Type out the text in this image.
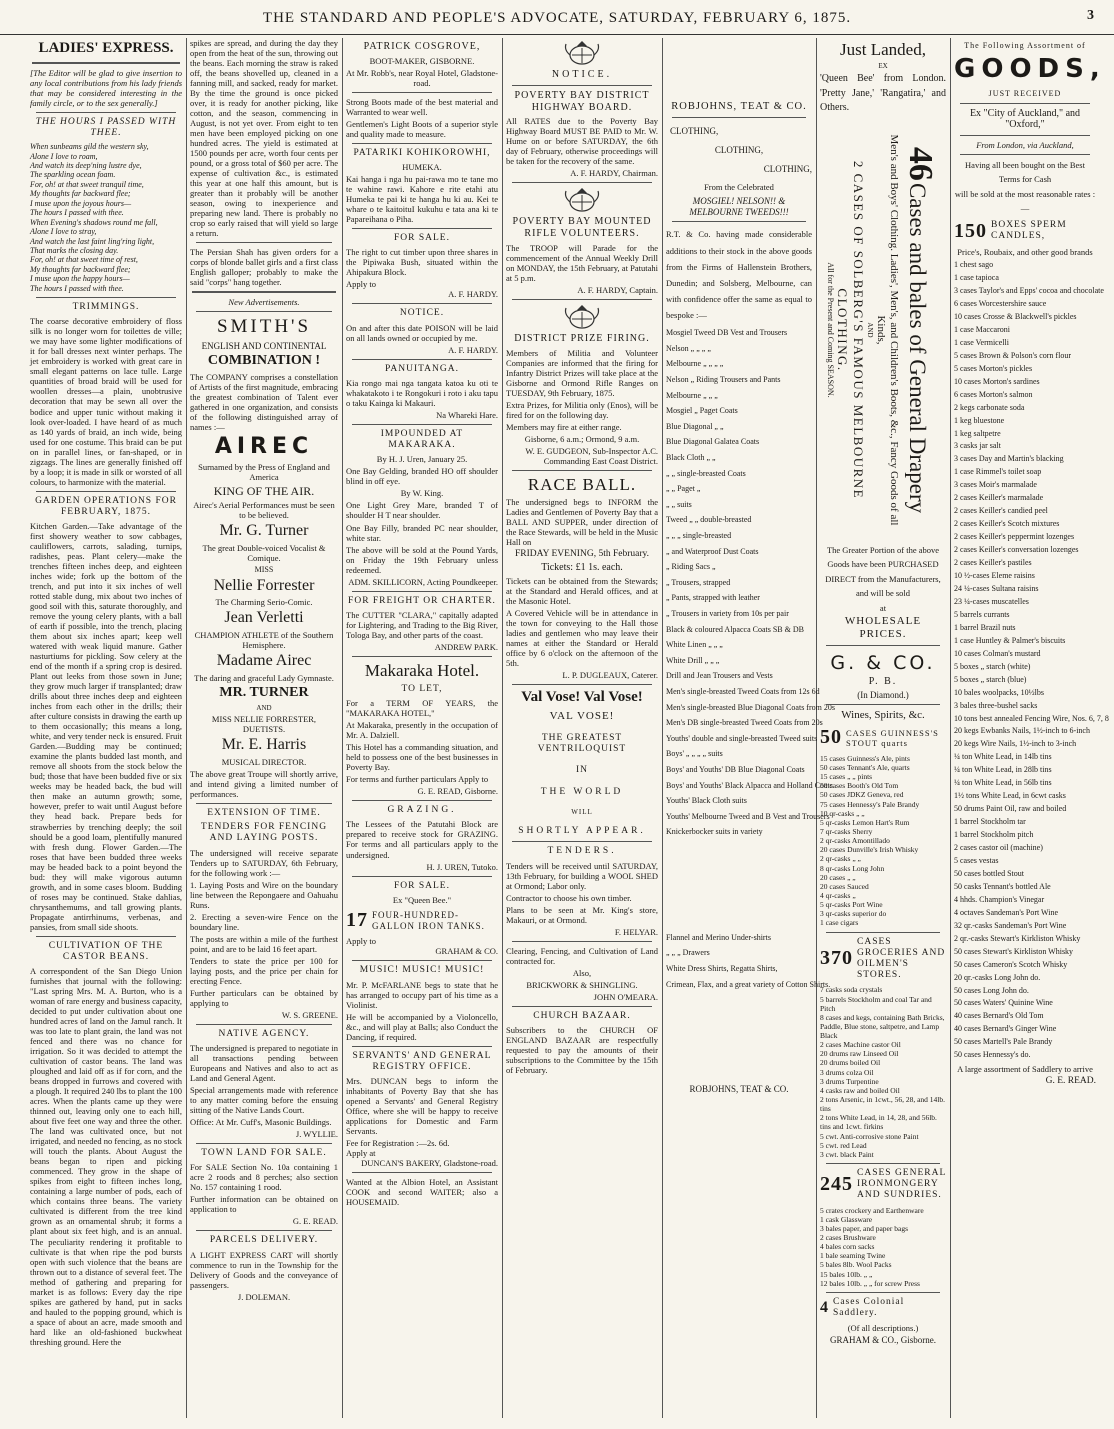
THE STANDARD AND PEOPLE'S ADVOCATE, SATURDAY, FEBRUARY 6, 1875.	3
LADIES' EXPRESS.

[The Editor will be glad to give insertion to any local contributions from his lady friends that may be considered interesting in the family circle, or to the sex generally.]

THE HOURS I PASSED WITH THEE.
When sunbeams gild the western sky,
Alone I love to roam,
And watch its deep'ning lustre dye,
The sparkling ocean foam.
For, oh! at that sweet tranquil time,
My thoughts far backward flee;
I muse upon the joyous hours—
The hours I passed with thee.
When Evening's shadows round me fall,
Alone I love to stray,
And watch the last faint ling'ring light,
That marks the closing day.
For, oh! at that sweet time of rest,
My thoughts far backward flee;
I muse upon the happy hours—
The hours I passed with thee.
TRIMMINGS.

The coarse decorative embroidery of floss silk is no longer worn for toilettes de ville; we may have some lighter modifications of it for ball dresses next winter perhaps. The jet embroidery is worked with great care in small elegant patterns on lace tulle. Large quantities of broad braid will be used for woollen dresses—a plain, unobtrusive decoration that may be sewn all over the bodice and upper tunic without making it look over-loaded. I have heard of as much as 140 yards of braid, an inch wide, being used for one costume. This braid can be put on in parallel lines, or fan-shaped, or in zigzags. The lines are generally finished off by a loop; it is made in silk or worsted of all colours, to harmonize with the material.

GARDEN OPERATIONS FOR FEBRUARY, 1875.

Kitchen Garden.—Take advantage of the first showery weather to sow cabbages, cauliflowers, carrots, salading, turnips, radishes, peas. Plant celery—make the trenches fifteen inches deep, and eighteen inches wide; fork up the bottom of the trench, and put into it six inches of well rotted stable dung, mix about two inches of good soil with this, saturate thoroughly, and remove the young celery plants, with a ball of earth if possible, into the trench, placing them about six inches apart; keep well watered with weak liquid manure. Gather nasturtiums for pickling. Sow celery at the end of the month if a spring crop is desired. Plant out leeks from those sown in June; they grow much larger if transplanted; draw drills about three inches deep and eighteen inches from each other in the drills; their after culture consists in drawing the earth up to them occasionally; this means a long, white, and very tender neck is ensured. Fruit Garden.—Budding may be continued; examine the plants budded last month, and remove all shoots from the stock below the bud; those that have been budded five or six weeks may be headed back, the bud will then make an autumn growth; some, however, prefer to wait until August before they head back. Prepare beds for strawberries by trenching deeply; the soil should be a good loam, plentifully manured with fresh dung. Flower Garden.—The roses that have been budded three weeks may be headed back to a point beyond the bud: they will make vigorous autumn growth, and in some cases bloom. Budding of roses may be continued. Stake dahlias, chrysanthemums, and tall growing plants. Propagate antirrhinums, verbenas, and pansies, from small side shoots.

CULTIVATION OF THE CASTOR BEANS.

A correspondent of the San Diego Union furnishes that journal with the following: "Last spring Mrs. M. A. Burton, who is a woman of rare energy and business capacity, decided to put under cultivation about one hundred acres of land on the Jamul ranch. It was too late to plant grain, the land was not fenced and there was no chance for irrigation. So it was decided to attempt the cultivation of castor beans. The land was ploughed and laid off as if for corn, and the beans dropped in furrows and covered with a plough. It required 240 lbs to plant the 100 acres. When the plants came up they were thinned out, leaving only one to each hill, about five feet one way and three the other. The land was cultivated once, but not irrigated, and needed no fencing, as no stock will touch the plants. About August the beans began to ripen and picking commenced. They grow in the shape of spikes from eight to fifteen inches long, containing a large number of pods, each of which contains three beans. The variety cultivated is different from the tree kind grown as an ornamental shrub; it forms a plant about six feet high, and is an annual. The peculiarity rendering it profitable to cultivate is that when ripe the pod bursts open with such violence that the beans are thrown out to a distance of several feet. The method of gathering and preparing for market is as follows: Every day the ripe spikes are gathered by hand, put in sacks and hauled to the popping ground, which is a space of about an acre, made smooth and hard like an old-fashioned buckwheat threshing ground. Here the

spikes are spread, and during the day they open from the heat of the sun, throwing out the beans. Each morning the straw is raked off, the beans shovelled up, cleaned in a fanning mill, and sacked, ready for market. By the time the ground is once picked over, it is ready for another picking, like cotton, and the season, commencing in August, is not yet over. From eight to ten men have been employed picking on one hundred acres. The yield is estimated at 1500 pounds per acre, worth four cents per pound, or a gross total of $60 per acre. The expense of cultivation &c., is estimated this year at one half this amount, but is greater than it probably will be another season, owing to inexperience and preparing new land. There is probably no crop so early raised that will yield so large a return.

The Persian Shah has given orders for a corps of blonde ballet girls and a first class English galloper; probably to make the said "corps" hang together.

New Advertisements.
SMITH'S
ENGLISH AND CONTINENTAL
COMBINATION !

The COMPANY comprises a constellation of Artists of the first magnitude, embracing the greatest combination of Talent ever gathered in one organization, and consists of the following distinguished array of names :—

AIREC
Surnamed by the Press of England and America
KING OF THE AIR.
Airec's Aerial Performances must be seen to be believed.
Mr. G. Turner
The great Double-voiced Vocalist & Comique.
MISS
Nellie Forrester
The Charming Serio-Comic.
Jean Verletti
CHAMPION ATHLETE of the Southern Hemisphere.
Madame Airec
The daring and graceful Lady Gymnaste.
MR. TURNER
AND
MISS NELLIE FORRESTER, DUETISTS.
Mr. E. Harris
MUSICAL DIRECTOR.

The above great Troupe will shortly arrive, and intend giving a limited number of performances.

EXTENSION OF TIME.
TENDERS FOR FENCING AND LAYING POSTS.

The undersigned will receive separate Tenders up to SATURDAY, 6th February, for the following work :—

1. Laying Posts and Wire on the boundary line between the Repongaere and Oahuahu Runs.

2. Erecting a seven-wire Fence on the boundary line.

The posts are within a mile of the furthest point, and are to be laid 16 feet apart.

Tenders to state the price per 100 for laying posts, and the price per chain for erecting Fence.

Further particulars can be obtained by applying to

W. S. GREENE.
NATIVE AGENCY.

The undersigned is prepared to negotiate in all transactions pending between Europeans and Natives and also to act as Land and General Agent.

Special arrangements made with reference to any matter coming before the ensuing sitting of the Native Lands Court.

Office: At Mr. Cuff's, Masonic Buildings.

J. WYLLIE.
TOWN LAND FOR SALE.

For SALE Section No. 10a containing 1 acre 2 roods and 8 perches; also section No. 157 containing 1 rood.

Further information can be obtained on application to

G. E. READ.
PARCELS DELIVERY.

A LIGHT EXPRESS CART will shortly commence to run in the Township for the Delivery of Goods and the conveyance of passengers.

J. DOLEMAN.
PATRICK COSGROVE,
BOOT-MAKER, GISBORNE.
At Mr. Robb's, near Royal Hotel, Gladstone-road.

Strong Boots made of the best material and Warranted to wear well.

Gentlemen's Light Boots of a superior style and quality made to measure.

PATARIKI KOHIKOROWHI,
HUMEKA.

Kai hanga i nga hu pai-rawa mo te tane mo te wahine rawi. Kahore e rite etahi atu Humeka te pai ki te hanga hu ki au. Kei te whare o te kaitoituI kukuhu e tata ana ki te Papareihana o Piha.

FOR SALE.

The right to cut timber upon three shares in the Pipiwaka Bush, situated within the Ahipakura Block.

Apply to
A. F. HARDY.
NOTICE.

On and after this date POISON will be laid on all lands owned or occupied by me.

A. F. HARDY.
PANUITANGA.

Kia rongo mai nga tangata katoa ku oti te whakatakoto i te Rongokuri i roto i aku tapu o taku Kainga ki Makauri.

Na Whareki Hare.
IMPOUNDED AT MAKARAKA.
By H. J. Uren, January 25.

One Bay Gelding, branded HO off shoulder blind in off eye.

By W. King.

One Light Grey Mare, branded T of shoulder H T near shoulder.

One Bay Filly, branded PC near shoulder, white star.

The above will be sold at the Pound Yards, on Friday the 19th February unless redeemed.

ADM. SKILLICORN, Acting Poundkeeper.
FOR FREIGHT OR CHARTER.

The CUTTER "CLARA," capitally adapted for Lightering, and Trading to the Big River, Tologa Bay, and other parts of the coast.

ANDREW PARK.
Makaraka Hotel.
TO LET,

For a TERM OF YEARS, the "MAKARAKA HOTEL,"

At Makaraka, presently in the occupation of Mr. A. Dalziell.

This Hotel has a commanding situation, and held to possess one of the best businesses in Poverty Bay.

For terms and further particulars Apply to

G. E. READ, Gisborne.
GRAZING.

The Lessees of the Patutahi Block are prepared to receive stock for GRAZING. For terms and all particulars apply to the undersigned.

H. J. UREN, Tutoko.
FOR SALE.
Ex "Queen Bee."
17 FOUR-HUNDRED-GALLON IRON TANKS.
Apply to
GRAHAM & CO.
MUSIC! MUSIC! MUSIC!

Mr. P. McFARLANE begs to state that he has arranged to occupy part of his time as a Violinist.

He will be accompanied by a Violoncello, &c., and will play at Balls; also Conduct the Dancing, if required.

SERVANTS' AND GENERAL REGISTRY OFFICE.

Mrs. DUNCAN begs to inform the inhabitants of Poverty Bay that she has opened a Servants' and General Registry Office, where she will be happy to receive applications for Domestic and Farm Servants.

Fee for Registration :—2s. 6d.
Apply at
DUNCAN'S BAKERY, Gladstone-road.

Wanted at the Albion Hotel, an Assistant COOK and second WAITER; also a HOUSEMAID.

NOTICE.
POVERTY BAY DISTRICT HIGHWAY BOARD.

All RATES due to the Poverty Bay Highway Board MUST BE PAID to Mr. W. Hume on or before SATURDAY, the 6th day of February, otherwise proceedings will be taken for the recovery of the same.

A. F. HARDY, Chairman.
POVERTY BAY MOUNTED RIFLE VOLUNTEERS.

The TROOP will Parade for the commencement of the Annual Weekly Drill on MONDAY, the 15th February, at Patutahi at 5 p.m.

A. F. HARDY, Captain.
DISTRICT PRIZE FIRING.

Members of Militia and Volunteer Companies are informed that the firing for Infantry District Prizes will take place at the Gisborne and Ormond Rifle Ranges on TUESDAY, 9th February, 1875.

Extra Prizes, for Militia only (Enos), will be fired for on the following day.

Members may fire at either range.

Gisborne, 6 a.m.; Ormond, 9 a.m.
W. E. GUDGEON, Sub-Inspector A.C. Commanding East Coast District.
RACE BALL.

The undersigned begs to INFORM the Ladies and Gentlemen of Poverty Bay that a BALL AND SUPPER, under direction of the Race Stewards, will be held in the Music Hall on

FRIDAY EVENING, 5th February.
Tickets: £1 1s. each.

Tickets can be obtained from the Stewards; at the Standard and Herald offices, and at the Masonic Hotel.

A Covered Vehicle will be in attendance in the town for conveying to the Hall those ladies and gentlemen who may leave their names at either the Standard or Herald office by 6 o'clock on the afternoon of the 5th.

L. P. DUGLEAUX, Caterer.
Val Vose! Val Vose!
VAL VOSE!
THE GREATEST VENTRILOQUIST
IN
THE WORLD
WILL
SHORTLY APPEAR.
TENDERS.

Tenders will be received until SATURDAY, 13th February, for building a WOOL SHED at Ormond; Labor only.

Contractor to choose his own timber.

Plans to be seen at Mr. King's store, Makauri, or at Ormond.

F. HELYAR.

Clearing, Fencing, and Cultivation of Land contracted for.

Also,
BRICKWORK & SHINGLING.
JOHN O'MEARA.
CHURCH BAZAAR.

Subscribers to the CHURCH OF ENGLAND BAZAAR are respectfully requested to pay the amounts of their subscriptions to the Committee by the 15th of February.

ROBJOHNS, TEAT & CO.
CLOTHING,
CLOTHING,
CLOTHING,
From the Celebrated
MOSGIEL! NELSON!! & MELBOURNE TWEEDS!!!

R.T. & Co. having made considerable additions to their stock in the above goods from the Firms of Hallenstein Brothers, Dunedin; and Solsberg, Melbourne, can with confidence offer the same as equal to bespoke :—

Mosgiel Tweed DB Vest and Trousers
Nelson „ „ „ „
Melbourne „ „ „ „
Nelson „ Riding Trousers and Pants
Melbourne „ „ „
Mosgiel „ Paget Coats
Blue Diagonal „ „
Blue Diagonal Galatea Coats
Black Cloth „ „
„ „ single-breasted Coats
„ „ Paget „
„ „ suits
Tweed „ „ double-breasted
„ „ „ single-breasted
„ and Waterproof Dust Coats
„ Riding Sacs „
„ Trousers, strapped
„ Pants, strapped with leather
„ Trousers in variety from 10s per pair
Black & coloured Alpacca Coats SB & DB
White Linen „ „ „
White Drill „ „ „
Drill and Jean Trousers and Vests
Men's single-breasted Tweed Coats from 12s 6d
Men's single-breasted Blue Diagonal Coats from 20s
Men's DB single-breasted Tweed Coats from 20s
Youths' double and single-breasted Tweed suits
Boys' „ „ „ „ suits
Boys' and Youths' DB Blue Diagonal Coats
Boys' and Youths' Black Alpacca and Holland Coats
Youths' Black Cloth suits
Youths' Melbourne Tweed and B Vest and Trousers
Knickerbocker suits in variety
Flannel and Merino Under-shirts
„ „ „ Drawers
White Dress Shirts, Regatta Shirts,
Crimean, Flax, and a great variety of Cotton Shirts.
ROBJOHNS, TEAT & CO.
Just Landed,
EX

'Queen Bee' from London. 'Pretty Jane,' 'Rangatira,' and Others.

46 Cases and bales of General Drapery
Men's and Boys' Clothing. Ladies', Men's, and Children's Boots, &c., Fancy Goods of all Kinds,
AND
2 CASES OF SOLBERG'S FAMOUS MELBOURNE CLOTHING.
All for the Present and Coming SEASON.

The Greater Portion of the above Goods have been PURCHASED DIRECT from the Manufacturers, and will be sold

at
WHOLESALE PRICES.
G. & CO.
P. B.
(In Diamond.)
Wines, Spirits, &c.
50 CASES GUINNESS'S STOUT quarts
15 cases Guinness's Ale, pints
50 cases Tennant's Ale, quarts
15 cases „ „ pints
50 cases Booth's Old Tom
50 cases JDKZ Geneva, red
75 cases Hennessy's Pale Brandy
10 qr-casks „ „
5 qr-casks Lemon Hart's Rum
7 qr-casks Sherry
2 qr-casks Amontillado
20 cases Dunville's Irish Whisky
2 qr-casks „ „
8 qr-casks Long John
20 cases „ „
20 cases Sauced
4 qr-casks „
5 qr-casks Port Wine
3 qr-casks superior do
1 case cigars
370
CASES GROCERIES AND OILMEN'S STORES.
7 casks soda crystals
5 barrels Stockholm and coal Tar and Pitch
8 cases and kegs, containing Bath Bricks, Paddle, Blue stone, saltpetre, and Lamp Black
2 cases Machine castor Oil
20 drums raw Linseed Oil
20 drums boiled Oil
3 drums colza Oil
3 drums Turpentine
4 casks raw and boiled Oil
2 tons Arsenic, in 1cwt., 56, 28, and 14lb. tins
2 tons White Lead, in 14, 28, and 56lb. tins and 1cwt. firkins
5 cwt. Anti-corrosive stone Paint
5 cwt. red Lead
3 cwt. black Paint
245 CASES GENERAL IRONMONGERY AND SUNDRIES.
5 crates crockery and Earthenware
1 cask Glassware
3 bales paper, and paper bags
2 cases Brushware
4 bales corn sacks
1 bale seaming Twine
5 bales 8lb. Wool Packs
15 bales 10lb. „ „
12 bales 10lb. „ „ for screw Press
4 Cases Colonial Saddlery.
(Of all descriptions.)
GRAHAM & CO., Gisborne.
The Following Assortment of
GOODS,
JUST RECEIVED
Ex "City of Auckland," and "Oxford,"
From London, via Auckland,

Having all been bought on the Best Terms for Cash

will be sold at the most reasonable rates :—

150 BOXES SPERM CANDLES,
Price's, Roubaix, and other good brands
1 chest sago
1 case tapioca
3 cases Taylor's and Epps' cocoa and chocolate
6 cases Worcestershire sauce
10 cases Crosse & Blackwell's pickles
1 case Maccaroni
1 case Vermicelli
5 cases Brown & Polson's corn flour
5 cases Morton's pickles
10 cases Morton's sardines
6 cases Morton's salmon
2 kegs carbonate soda
1 keg bluestone
1 keg saltpetre
3 casks jar salt
3 cases Day and Martin's blacking
1 case Rimmel's toilet soap
3 cases Moir's marmalade
2 cases Keiller's marmalade
2 cases Keiller's candied peel
2 cases Keiller's Scotch mixtures
2 cases Keiller's peppermint lozenges
2 cases Keiller's conversation lozenges
2 cases Keiller's pastiles
10 ½-cases Eleme raisins
24 ¼-cases Sultana raisins
23 ¼-cases muscatelles
5 barrels currants
1 barrel Brazil nuts
1 case Huntley & Palmer's biscuits
10 cases Colman's mustard
5 boxes „ starch (white)
5 boxes „ starch (blue)
10 bales woolpacks, 10½lbs
3 bales three-bushel sacks
10 tons best annealed Fencing Wire, Nos. 6, 7, 8
20 kegs Ewbanks Nails, 1½-inch to 6-inch
20 kegs Wire Nails, 1½-inch to 3-inch
¼ ton White Lead, in 14lb tins
¼ ton White Lead, in 28lb tins
¼ ton White Lead, in 56lb tins
1½ tons White Lead, in 6cwt casks
50 drums Paint Oil, raw and boiled
1 barrel Stockholm tar
1 barrel Stockholm pitch
2 cases castor oil (machine)
5 cases vestas
50 cases bottled Stout
50 casks Tennant's bottled Ale
4 hhds. Champion's Vinegar
4 octaves Sandeman's Port Wine
32 qr.-casks Sandeman's Port Wine
2 qr.-casks Stewart's Kirkliston Whisky
50 cases Stewart's Kirkliston Whisky
50 cases Cameron's Scotch Whisky
20 qr.-casks Long John do.
50 cases Long John do.
50 cases Waters' Quinine Wine
40 cases Bernard's Old Tom
40 cases Bernard's Ginger Wine
50 cases Martell's Pale Brandy
50 cases Hennessy's do.
A large assortment of Saddlery to arrive
G. E. READ.
